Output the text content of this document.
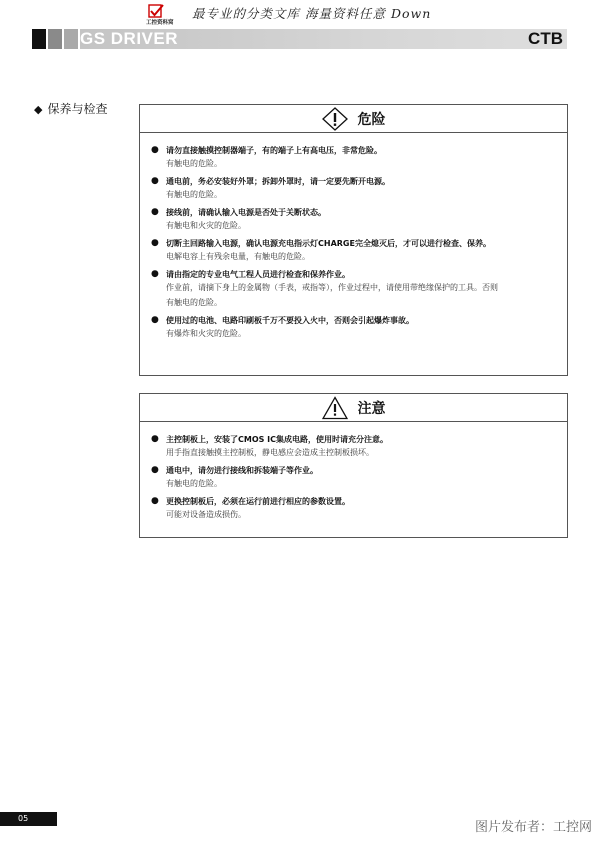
工控资料窝
最专业的分类文库 海量资料任意 Down
GS DRIVER	CTB
◆ 保养与检查
危险
● 请勿直接触摸控制器端子，有的端子上有高电压，非常危险。
有触电的危险。
● 通电前，务必安装好外罩；拆卸外罩时，请一定要先断开电源。
有触电的危险。
● 接线前，请确认输入电源是否处于关断状态。
有触电和火灾的危险。
● 切断主回路输入电源，确认电源充电指示灯CHARGE完全熄灭后，才可以进行检查、保养。
电解电容上有残余电量，有触电的危险。
● 请由指定的专业电气工程人员进行检查和保养作业。
作业前，请摘下身上的金属物（手表，戒指等），作业过程中，请使用带绝缘保护的工具。否则
有触电的危险。
● 使用过的电池、电路印刷板千万不要投入火中，否则会引起爆炸事故。
有爆炸和火灾的危险。
注意
● 主控制板上，安装了CMOS IC集成电路，使用时请充分注意。
用手指直接触摸主控制板，静电感应会造成主控制板损坏。
● 通电中，请勿进行接线和拆装端子等作业。
有触电的危险。
● 更换控制板后，必须在运行前进行相应的参数设置。
可能对设备造成损伤。
05
图片发布者：工控网
